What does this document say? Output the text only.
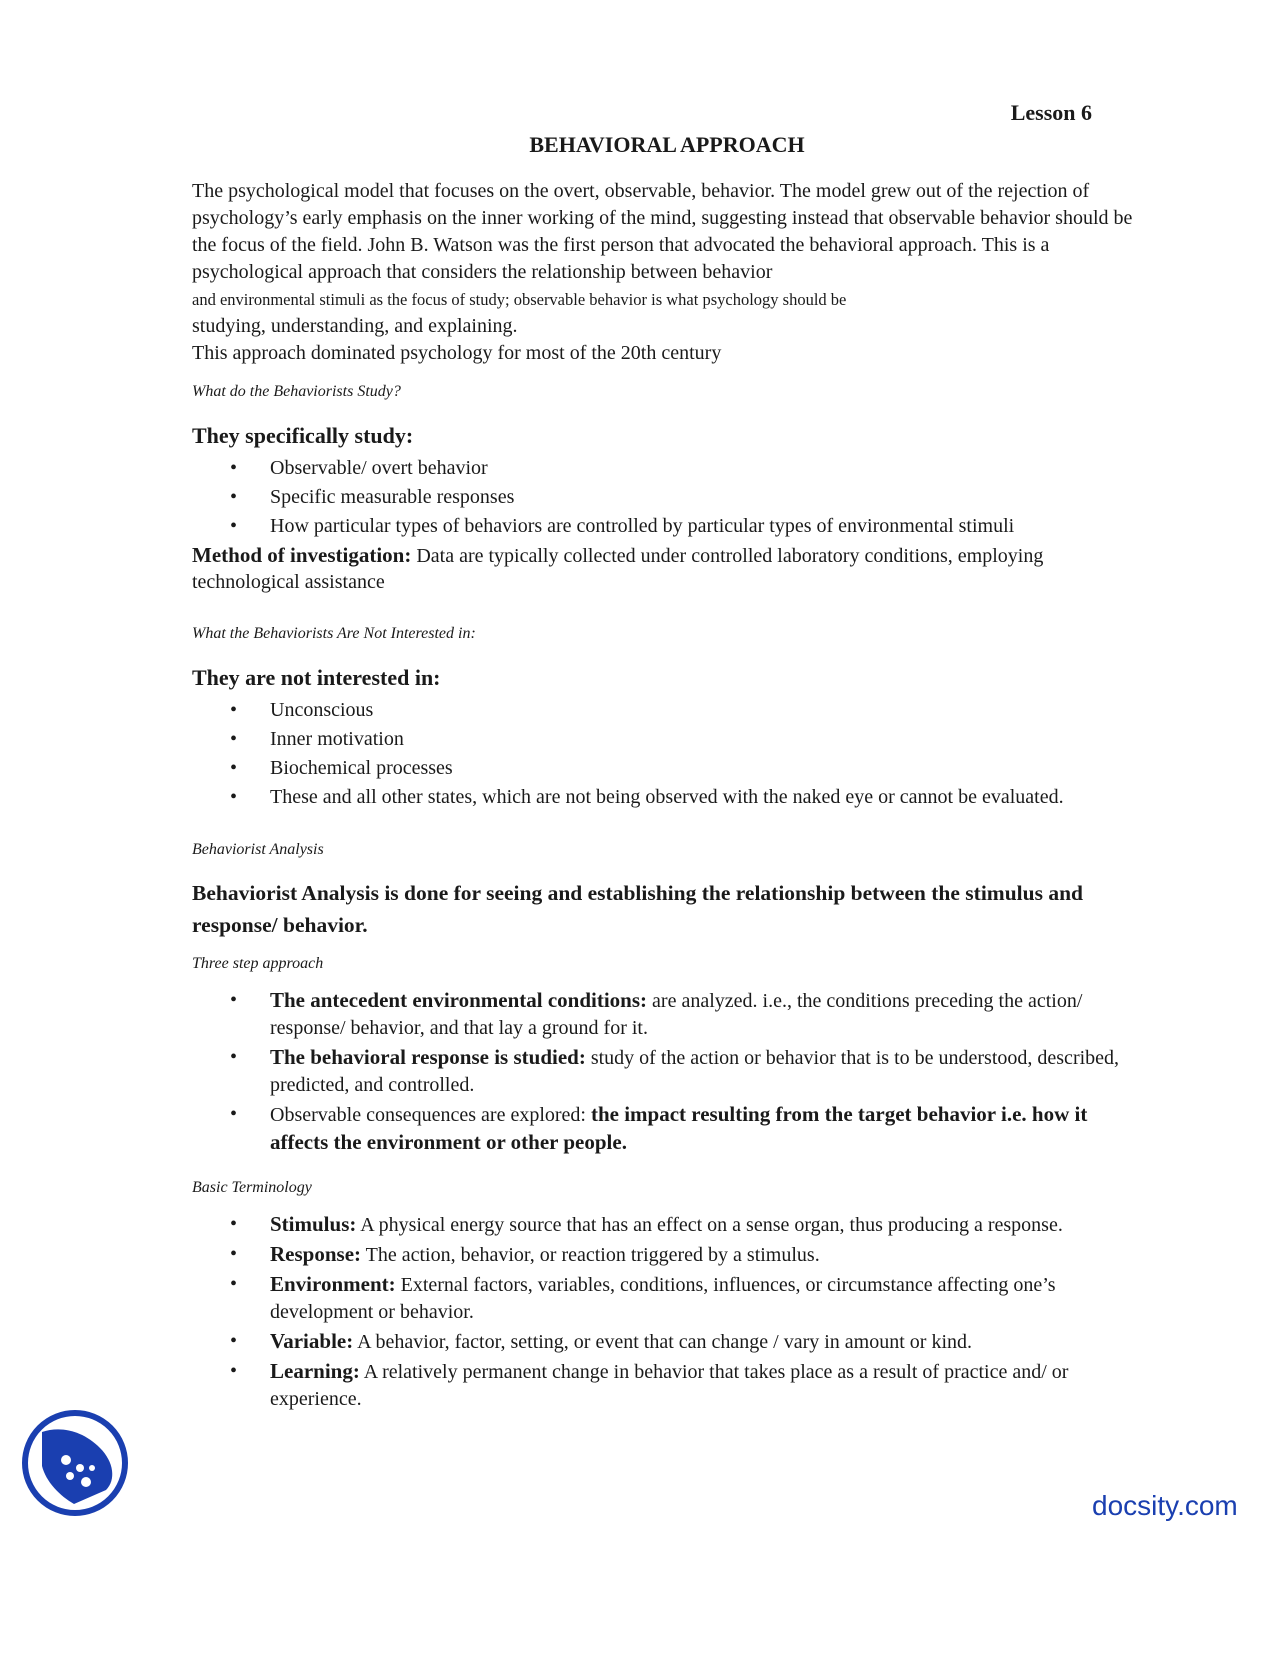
Lesson 6

BEHAVIORAL APPROACH

The psychological model that focuses on the overt, observable, behavior. The model grew out of the rejection of psychology’s early emphasis on the inner working of the mind, suggesting instead that observable behavior should be the focus of the field. John B. Watson was the first person that advocated the behavioral approach. This is a psychological approach that considers the relationship between behavior
and environmental stimuli as the focus of study; observable behavior is what psychology should be
studying, understanding, and explaining.
This approach dominated psychology for most of the 20th century

What do the Behaviorists Study?

They specifically study:

• Observable/ overt behavior
• Specific measurable responses
• How particular types of behaviors are controlled by particular types of environmental stimuli

Method of investigation: Data are typically collected under controlled laboratory conditions, employing technological assistance

What the Behaviorists Are Not Interested in:

They are not interested in:

• Unconscious
• Inner motivation
• Biochemical processes
• These and all other states, which are not being observed with the naked eye or cannot be evaluated.

Behaviorist Analysis

Behaviorist Analysis is done for seeing and establishing the relationship between the stimulus and response/ behavior.

Three step approach

• The antecedent environmental conditions: are analyzed. i.e., the conditions preceding the action/ response/ behavior, and that lay a ground for it.
• The behavioral response is studied: study of the action or behavior that is to be understood, described, predicted, and controlled.
• Observable consequences are explored: the impact resulting from the target behavior i.e. how it affects the environment or other people.

Basic Terminology

• Stimulus: A physical energy source that has an effect on a sense organ, thus producing a response.
• Response: The action, behavior, or reaction triggered by a stimulus.
• Environment: External factors, variables, conditions, influences, or circumstance affecting one’s development or behavior.
• Variable: A behavior, factor, setting, or event that can change / vary in amount or kind.
• Learning: A relatively permanent change in behavior that takes place as a result of practice and/ or experience.
docsity.com
